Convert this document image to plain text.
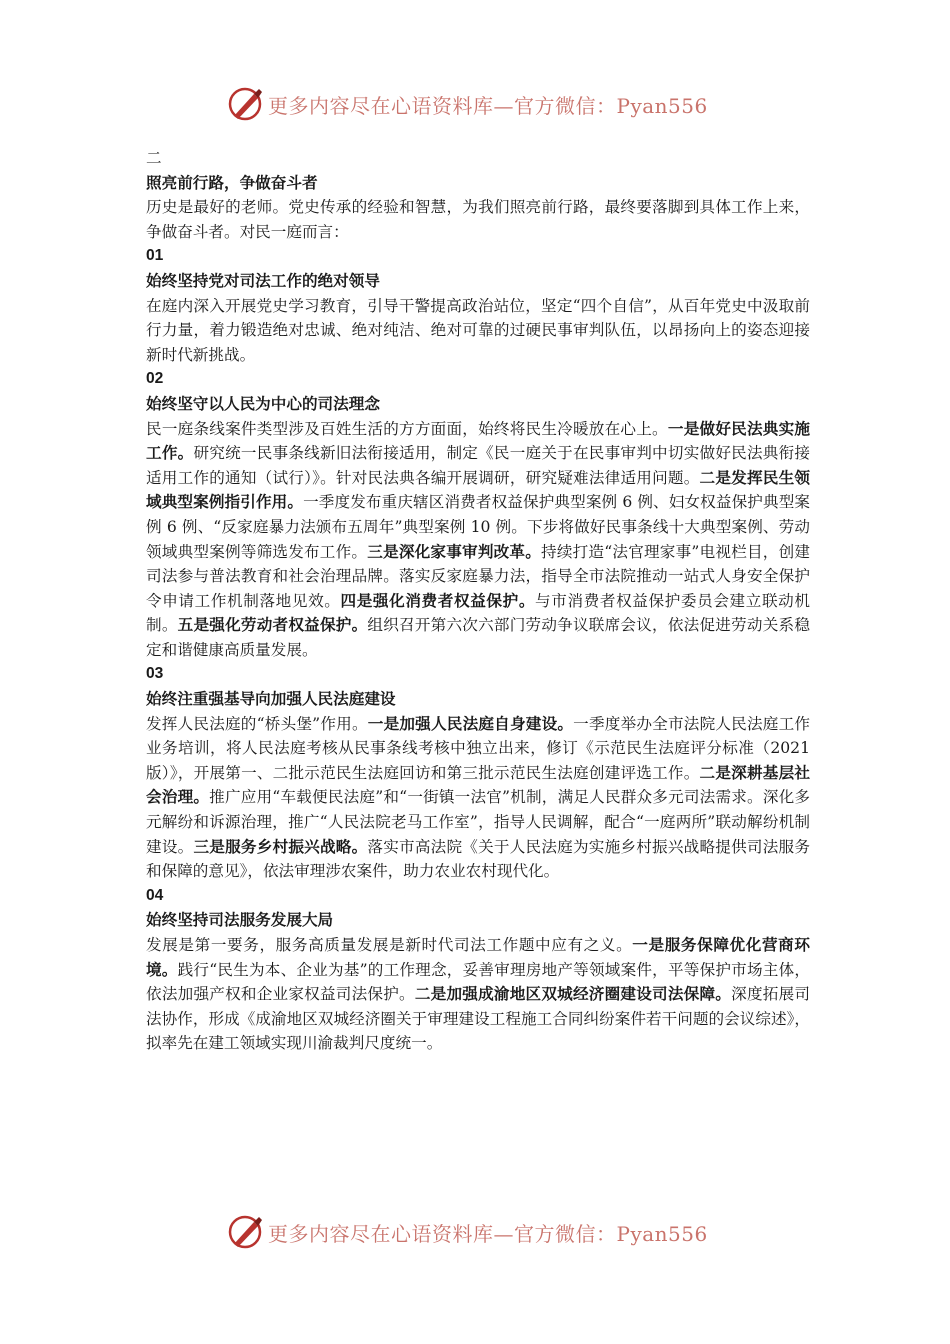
更多内容尽在心语资料库—官方微信：Pyan556

二

照亮前行路，争做奋斗者

历史是最好的老师。党史传承的经验和智慧，为我们照亮前行路，最终要落脚到具体工作上来，争做奋斗者。对民一庭而言：

01

始终坚持党对司法工作的绝对领导

在庭内深入开展党史学习教育，引导干警提高政治站位，坚定“四个自信”，从百年党史中汲取前行力量，着力锻造绝对忠诚、绝对纯洁、绝对可靠的过硬民事审判队伍，以昂扬向上的姿态迎接新时代新挑战。

02

始终坚守以人民为中心的司法理念

民一庭条线案件类型涉及百姓生活的方方面面，始终将民生冷暖放在心上。一是做好民法典实施工作。研究统一民事条线新旧法衔接适用，制定《民一庭关于在民事审判中切实做好民法典衔接适用工作的通知（试行）》。针对民法典各编开展调研，研究疑难法律适用问题。二是发挥民生领域典型案例指引作用。一季度发布重庆辖区消费者权益保护典型案例 6 例、妇女权益保护典型案例 6 例、“反家庭暴力法颁布五周年”典型案例 10 例。下步将做好民事条线十大典型案例、劳动领域典型案例等筛选发布工作。三是深化家事审判改革。持续打造“法官理家事”电视栏目，创建司法参与普法教育和社会治理品牌。落实反家庭暴力法，指导全市法院推动一站式人身安全保护令申请工作机制落地见效。四是强化消费者权益保护。与市消费者权益保护委员会建立联动机制。五是强化劳动者权益保护。组织召开第六次六部门劳动争议联席会议，依法促进劳动关系稳定和谐健康高质量发展。

03

始终注重强基导向加强人民法庭建设

发挥人民法庭的“桥头堡”作用。一是加强人民法庭自身建设。一季度举办全市法院人民法庭工作业务培训，将人民法庭考核从民事条线考核中独立出来，修订《示范民生法庭评分标准（2021 版）》，开展第一、二批示范民生法庭回访和第三批示范民生法庭创建评选工作。二是深耕基层社会治理。推广应用“车载便民法庭”和“一街镇一法官”机制，满足人民群众多元司法需求。深化多元解纷和诉源治理，推广“人民法院老马工作室”，指导人民调解，配合“一庭两所”联动解纷机制建设。三是服务乡村振兴战略。落实市高法院《关于人民法庭为实施乡村振兴战略提供司法服务和保障的意见》，依法审理涉农案件，助力农业农村现代化。

04

始终坚持司法服务发展大局

发展是第一要务，服务高质量发展是新时代司法工作题中应有之义。一是服务保障优化营商环境。践行“民生为本、企业为基”的工作理念，妥善审理房地产等领域案件，平等保护市场主体，依法加强产权和企业家权益司法保护。二是加强成渝地区双城经济圈建设司法保障。深度拓展司法协作，形成《成渝地区双城经济圈关于审理建设工程施工合同纠纷案件若干问题的会议综述》，拟率先在建工领域实现川渝裁判尺度统一。

更多内容尽在心语资料库—官方微信：Pyan556
